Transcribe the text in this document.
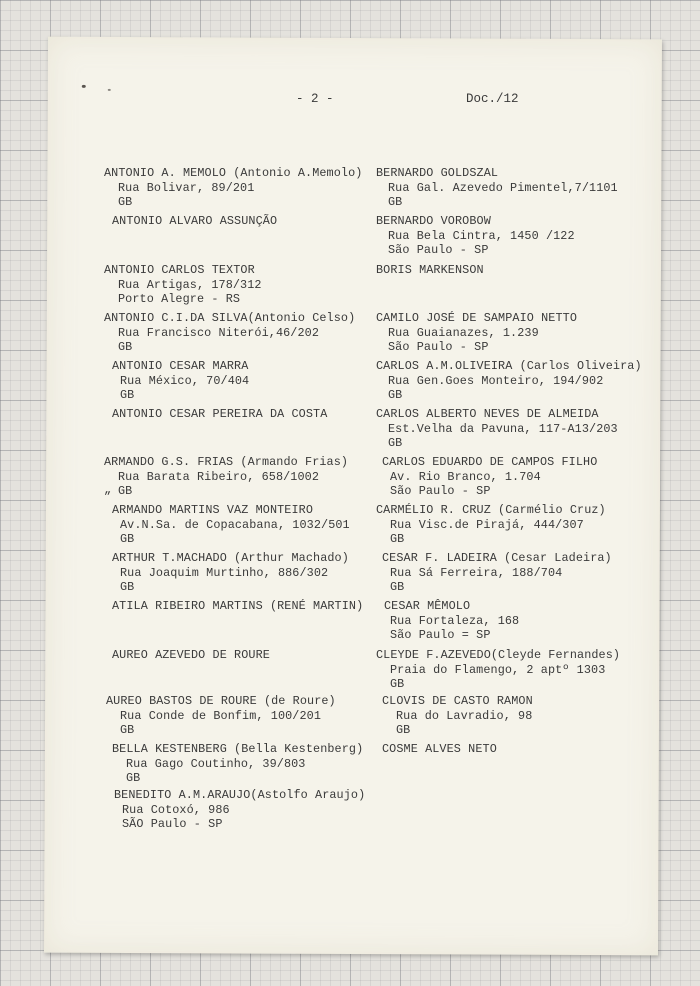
- 2 -	Doc./12
ANTONIO A. MEMOLO (Antonio A.Memolo)
Rua Bolivar, 89/201
GB
ANTONIO ALVARO ASSUNÇÃO
ANTONIO CARLOS TEXTOR
Rua Artigas, 178/312
Porto Alegre - RS
ANTONIO C.I.DA SILVA(Antonio Celso)
Rua Francisco Niterói,46/202
GB
ANTONIO CESAR MARRA
Rua México, 70/404
GB
ANTONIO CESAR PEREIRA DA COSTA
ARMANDO G.S. FRIAS (Armando Frias)
Rua Barata Ribeiro, 658/1002
GB
ARMANDO MARTINS VAZ MONTEIRO
Av.N.Sa. de Copacabana, 1032/501
GB
ARTHUR T.MACHADO (Arthur Machado)
Rua Joaquim Murtinho, 886/302
GB
ATILA RIBEIRO MARTINS (RENÉ MARTIN)
AUREO AZEVEDO DE ROURE
AUREO BASTOS DE ROURE (de Roure)
Rua Conde de Bonfim, 100/201
GB
BELLA KESTENBERG (Bella Kestenberg)
Rua Gago Coutinho, 39/803
GB
BENEDITO A.M.ARAUJO(Astolfo Araujo)
Rua Cotoxó, 986
SÃO Paulo - SP
BERNARDO GOLDSZAL
Rua Gal. Azevedo Pimentel,7/1101
GB
BERNARDO VOROBOW
Rua Bela Cintra, 1450 /122
São Paulo - SP
BORIS MARKENSON
CAMILO JOSÉ DE SAMPAIO NETTO
Rua Guaianazes, 1.239
São Paulo - SP
CARLOS A.M.OLIVEIRA (Carlos Oliveira)
Rua Gen.Goes Monteiro, 194/902
GB
CARLOS ALBERTO NEVES DE ALMEIDA
Est.Velha da Pavuna, 117-A13/203
GB
CARLOS EDUARDO DE CAMPOS FILHO
Av. Rio Branco, 1.704
São Paulo - SP
CARMÉLIO R. CRUZ (Carmélio Cruz)
Rua Visc.de Pirajá, 444/307
GB
CESAR F. LADEIRA (Cesar Ladeira)
Rua Sá Ferreira, 188/704
GB
CESAR MÊMOLO
Rua Fortaleza, 168
São Paulo = SP
CLEYDE F.AZEVEDO(Cleyde Fernandes)
Praia do Flamengo, 2 aptº 1303
GB
CLOVIS DE CASTO RAMON
Rua do Lavradio, 98
GB
COSME ALVES NETO
„
